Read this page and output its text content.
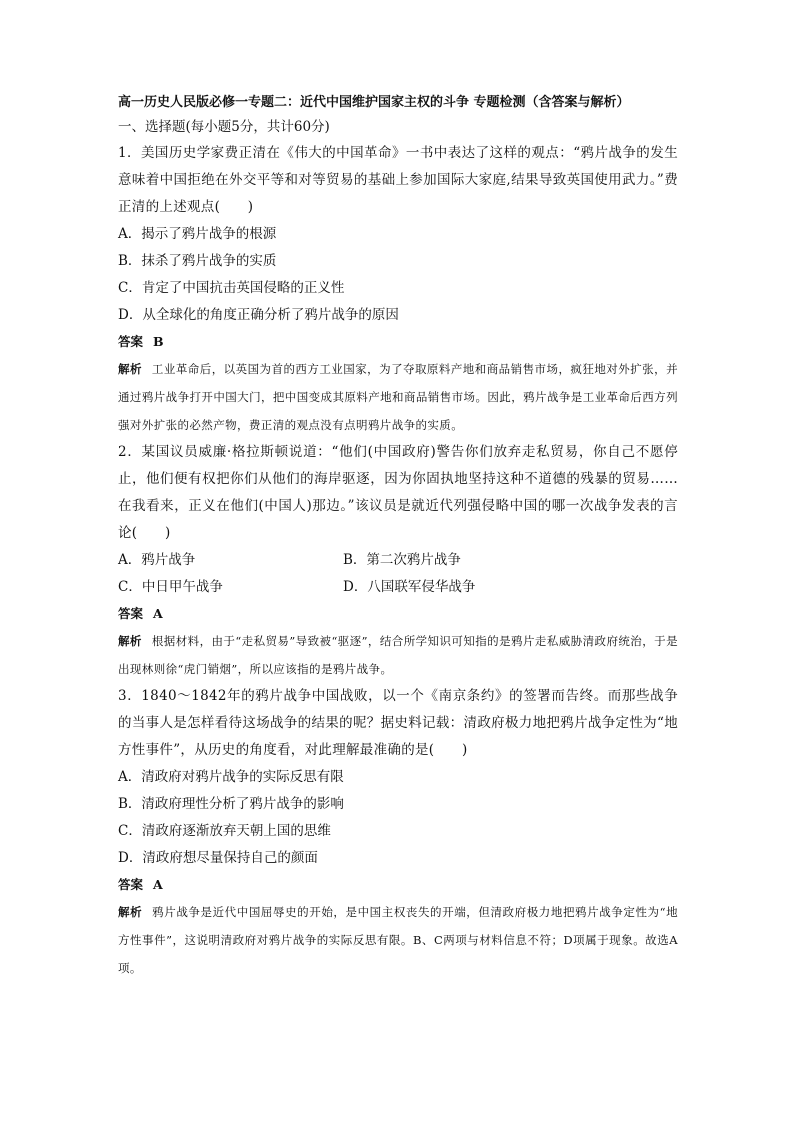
高一历史人民版必修一专题二：近代中国维护国家主权的斗争 专题检测（含答案与解析）

一、选择题(每小题5分，共计60分)

1．美国历史学家费正清在《伟大的中国革命》一书中表达了这样的观点：“鸦片战争的发生意味着中国拒绝在外交平等和对等贸易的基础上参加国际大家庭,结果导致英国使用武力。”费正清的上述观点(　　)

A．揭示了鸦片战争的根源

B．抹杀了鸦片战争的实质

C．肯定了中国抗击英国侵略的正义性

D．从全球化的角度正确分析了鸦片战争的原因

答案 B

解析 工业革命后，以英国为首的西方工业国家，为了夺取原料产地和商品销售市场，疯狂地对外扩张，并通过鸦片战争打开中国大门，把中国变成其原料产地和商品销售市场。因此，鸦片战争是工业革命后西方列强对外扩张的必然产物，费正清的观点没有点明鸦片战争的实质。

2．某国议员威廉·格拉斯顿说道：“他们(中国政府)警告你们放弃走私贸易，你自己不愿停止，他们便有权把你们从他们的海岸驱逐，因为你固执地坚持这种不道德的残暴的贸易……在我看来，正义在他们(中国人)那边。”该议员是就近代列强侵略中国的哪一次战争发表的言论(　　)

A．鸦片战争	B．第二次鸦片战争
C．中日甲午战争	D．八国联军侵华战争

答案 A

解析 根据材料，由于“走私贸易”导致被“驱逐”，结合所学知识可知指的是鸦片走私威胁清政府统治，于是出现林则徐“虎门销烟”，所以应该指的是鸦片战争。

3．1840～1842年的鸦片战争中国战败，以一个《南京条约》的签署而告终。而那些战争的当事人是怎样看待这场战争的结果的呢？据史料记载：清政府极力地把鸦片战争定性为“地方性事件”，从历史的角度看，对此理解最准确的是(　　)

A．清政府对鸦片战争的实际反思有限

B．清政府理性分析了鸦片战争的影响

C．清政府逐渐放弃天朝上国的思维

D．清政府想尽量保持自己的颜面

答案 A

解析 鸦片战争是近代中国屈辱史的开始，是中国主权丧失的开端，但清政府极力地把鸦片战争定性为“地方性事件”，这说明清政府对鸦片战争的实际反思有限。B、C两项与材料信息不符；D项属于现象。故选A项。
